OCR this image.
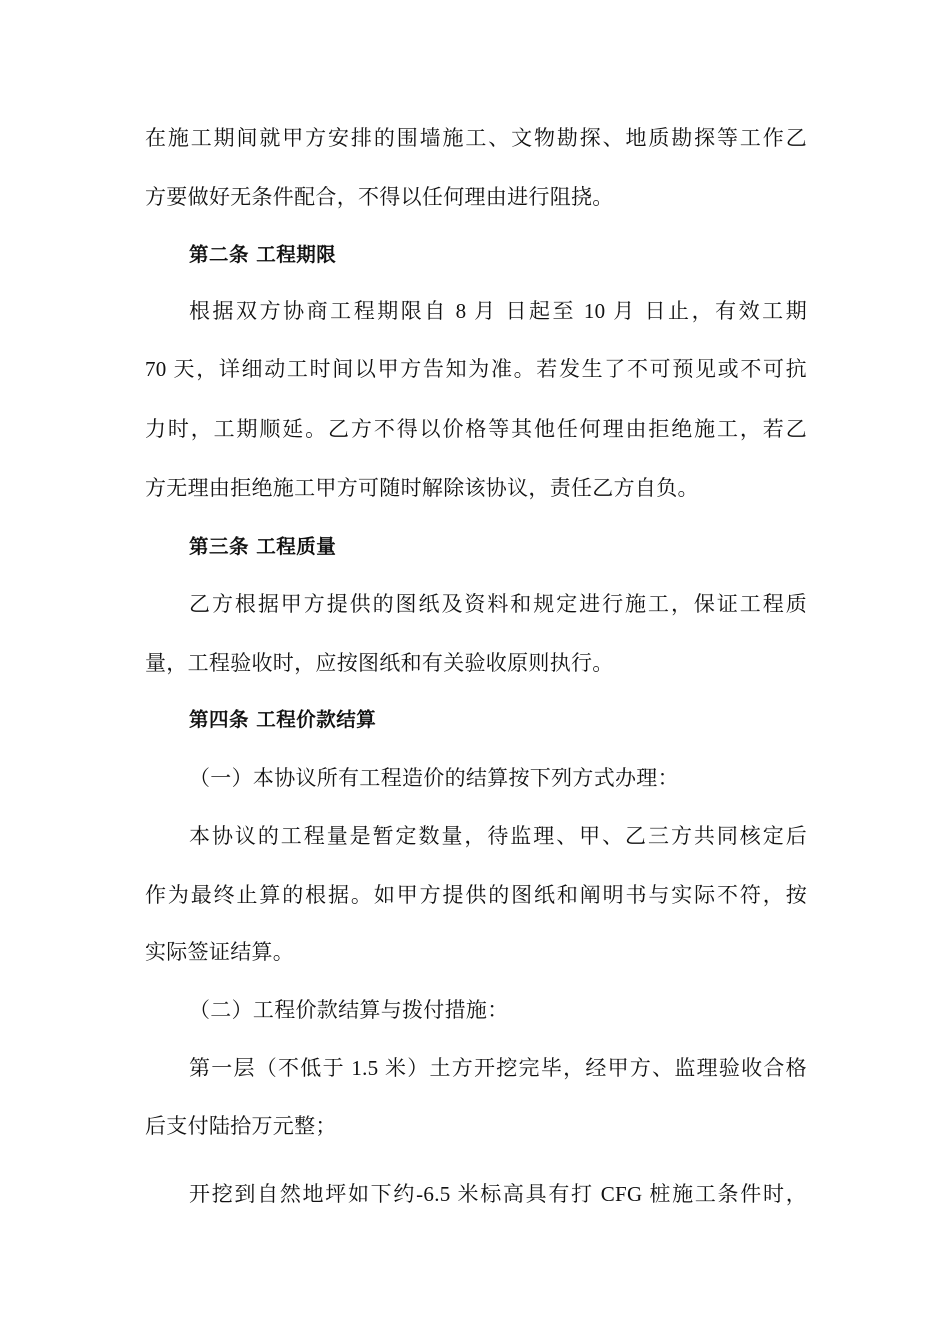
在施工期间就甲方安排的围墙施工、文物勘探、地质勘探等工作乙
方要做好无条件配合，不得以任何理由进行阻挠。
第二条 工程期限
根据双方协商工程期限自 8 月 日起至 10 月 日止，有效工期
70 天，详细动工时间以甲方告知为准。若发生了不可预见或不可抗
力时，工期顺延。乙方不得以价格等其他任何理由拒绝施工，若乙
方无理由拒绝施工甲方可随时解除该协议，责任乙方自负。
第三条 工程质量
乙方根据甲方提供的图纸及资料和规定进行施工，保证工程质
量，工程验收时，应按图纸和有关验收原则执行。
第四条 工程价款结算
（一）本协议所有工程造价的结算按下列方式办理：
本协议的工程量是暂定数量，待监理、甲、乙三方共同核定后
作为最终止算的根据。如甲方提供的图纸和阐明书与实际不符，按
实际签证结算。
（二）工程价款结算与拨付措施：
第一层（不低于 1.5 米）土方开挖完毕，经甲方、监理验收合格
后支付陆拾万元整；
开挖到自然地坪如下约-6.5 米标高具有打 CFG 桩施工条件时，
